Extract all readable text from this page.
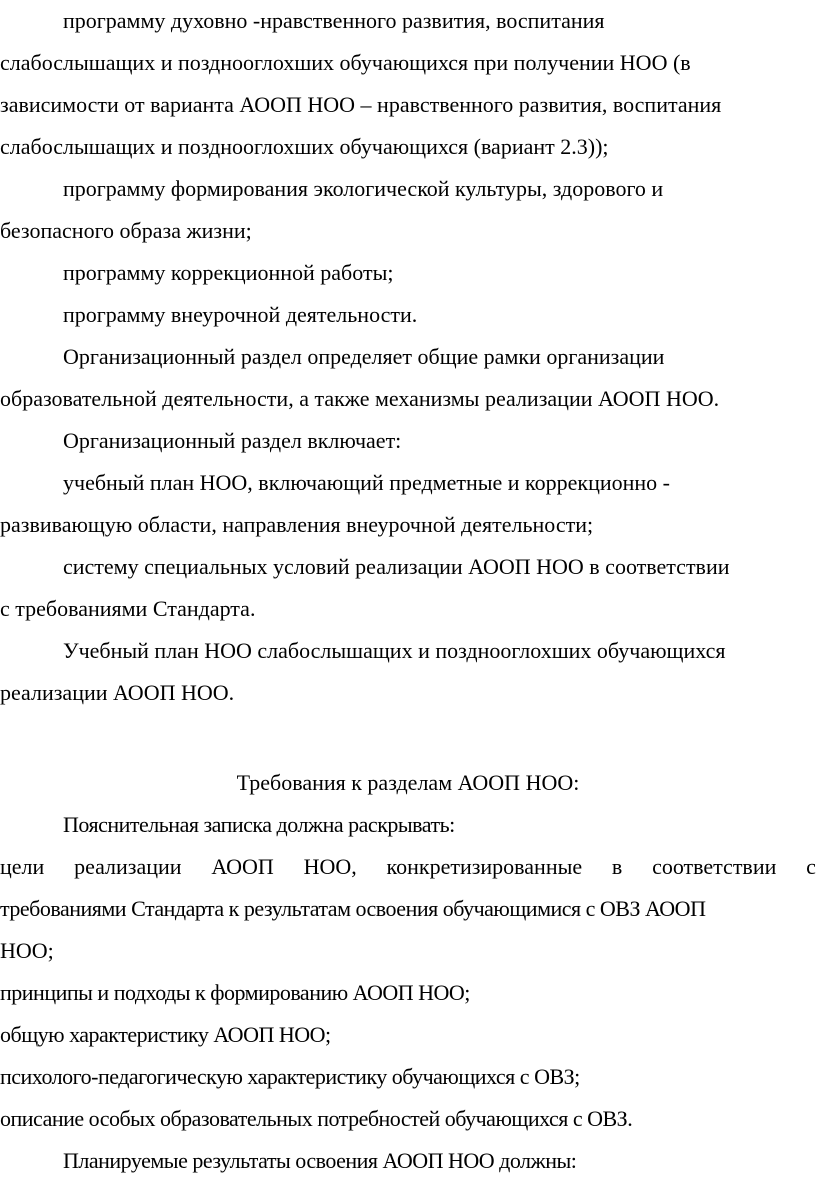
программу духовно -нравственного развития, воспитания
слабослышащих и позднооглохших обучающихся при получении НОО (в
зависимости от варианта АООП НОО – нравственного развития, воспитания
слабослышащих и позднооглохших обучающихся (вариант 2.3));
программу формирования экологической культуры, здорового и
безопасного образа жизни;
программу коррекционной работы;
программу внеурочной деятельности.
Организационный раздел определяет общие рамки организации
образовательной деятельности, а также механизмы реализации АООП НОО.
Организационный раздел включает:
учебный план НОО, включающий предметные и коррекционно -
развивающую области, направления внеурочной деятельности;
систему специальных условий реализации АООП НОО в соответствии
с требованиями Стандарта.
Учебный план НОО слабослышащих и позднооглохших обучающихся
реализации АООП НОО.
Требования к разделам АООП НОО:
Пояснительная записка должна раскрывать:
цели реализации АООП НОО, конкретизированные в соответствии с
требованиями Стандарта к результатам освоения обучающимися с ОВЗ АООП
НОО;
принципы и подходы к формированию АООП НОО;
общую характеристику АООП НОО;
психолого-педагогическую характеристику обучающихся с ОВЗ;
описание особых образовательных потребностей обучающихся с ОВЗ.
Планируемые результаты освоения АООП НОО должны:
